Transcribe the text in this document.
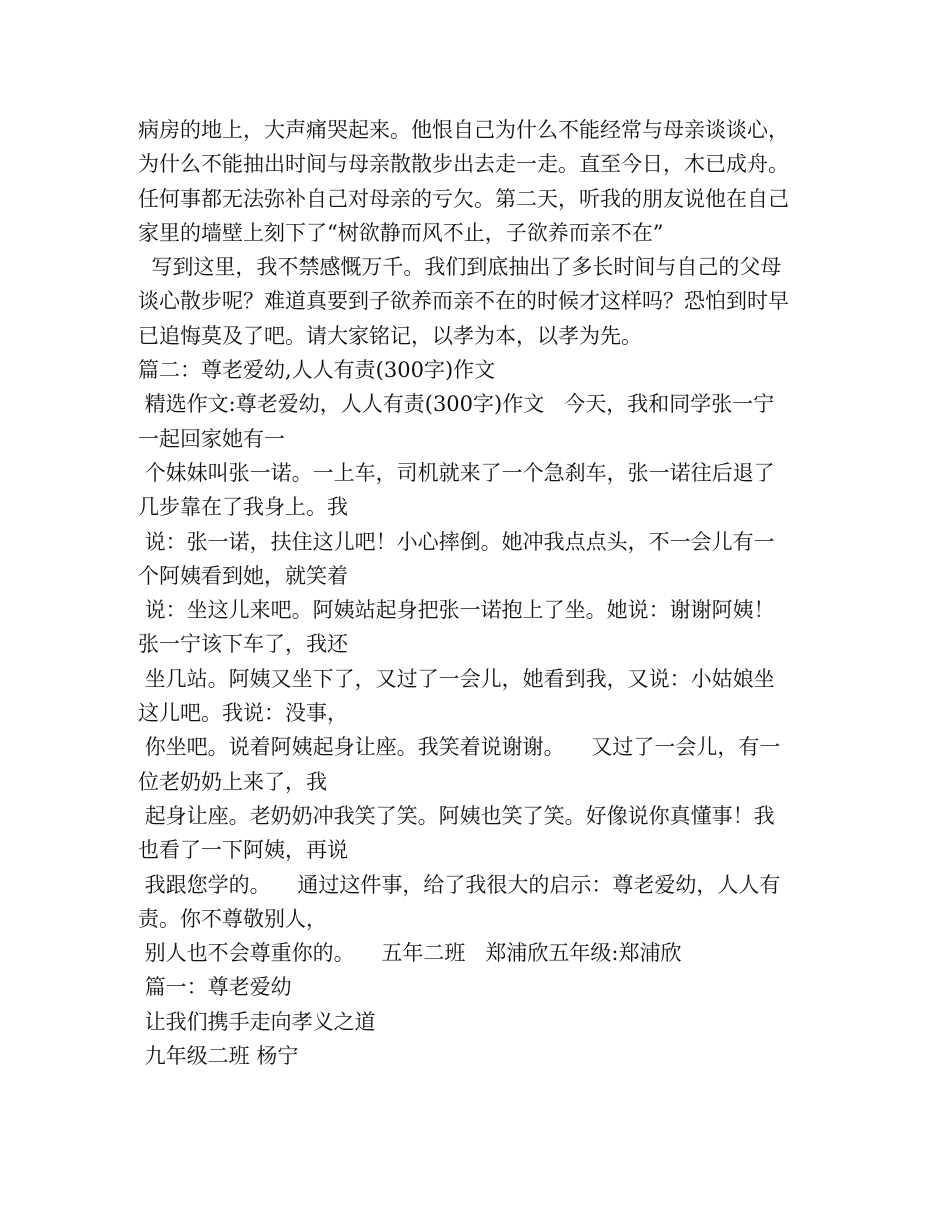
病房的地上，大声痛哭起来。他恨自己为什么不能经常与母亲谈谈心，
为什么不能抽出时间与母亲散散步出去走一走。直至今日，木已成舟。
任何事都无法弥补自己对母亲的亏欠。第二天，听我的朋友说他在自己
家里的墙壁上刻下了“树欲静而风不止，子欲养而亲不在”
写到这里，我不禁感慨万千。我们到底抽出了多长时间与自己的父母
谈心散步呢？难道真要到子欲养而亲不在的时候才这样吗？恐怕到时早
已追悔莫及了吧。请大家铭记，以孝为本，以孝为先。
篇二：尊老爱幼,人人有责(300字)作文
精选作文:尊老爱幼，人人有责(300字)作文   今天，我和同学张一宁
一起回家她有一
个妹妹叫张一诺。一上车，司机就来了一个急刹车，张一诺往后退了
几步靠在了我身上。我
说：张一诺，扶住这儿吧！小心摔倒。她冲我点点头，不一会儿有一
个阿姨看到她，就笑着
说：坐这儿来吧。阿姨站起身把张一诺抱上了坐。她说：谢谢阿姨！
张一宁该下车了，我还
坐几站。阿姨又坐下了，又过了一会儿，她看到我，又说：小姑娘坐
这儿吧。我说：没事，
你坐吧。说着阿姨起身让座。我笑着说谢谢。    又过了一会儿，有一
位老奶奶上来了，我
起身让座。老奶奶冲我笑了笑。阿姨也笑了笑。好像说你真懂事！我
也看了一下阿姨，再说
我跟您学的。    通过这件事，给了我很大的启示：尊老爱幼，人人有
责。你不尊敬别人，
别人也不会尊重你的。    五年二班   郑浦欣五年级:郑浦欣
篇一：尊老爱幼
让我们携手走向孝义之道
九年级二班 杨宁
